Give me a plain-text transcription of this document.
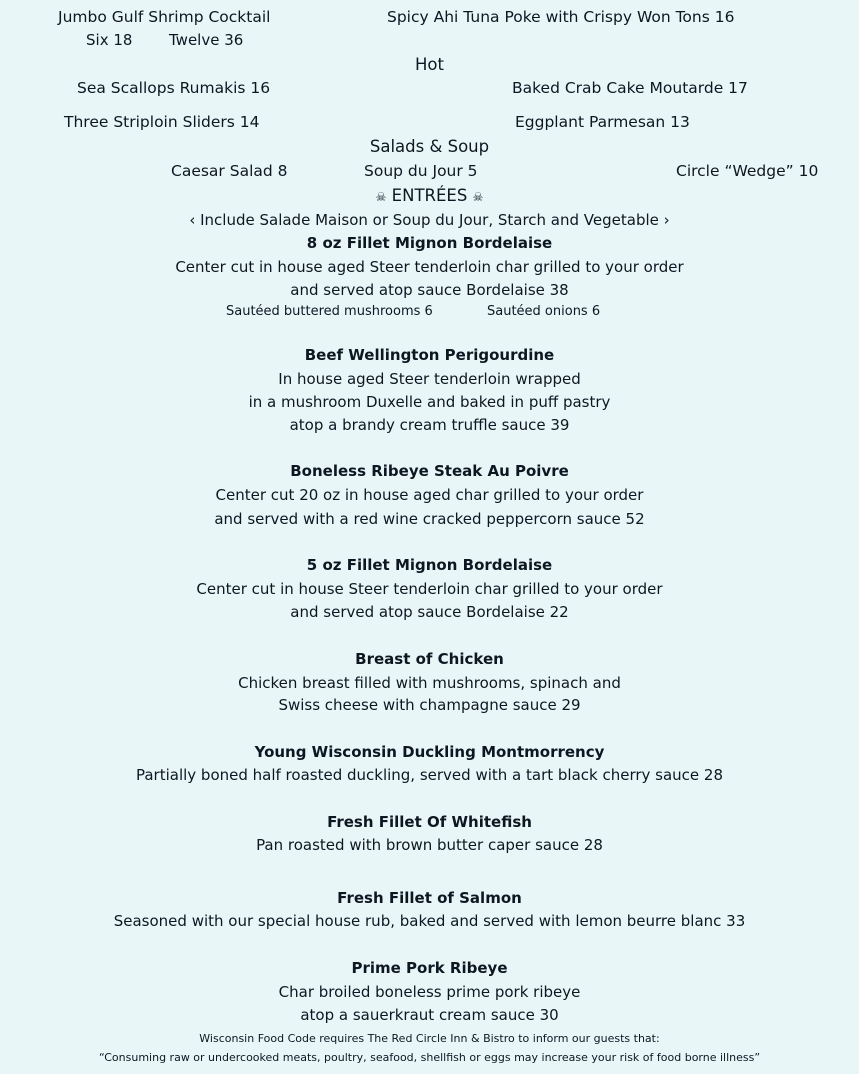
Jumbo Gulf Shrimp Cocktail
Six 18 Twelve 36
Spicy Ahi Tuna Poke with Crispy Won Tons 16
Hot
Sea Scallops Rumakis 16	Baked Crab Cake Moutarde 17
Three Striploin Sliders 14	Eggplant Parmesan 13
Salads & Soup
Caesar Salad 8	Soup du Jour 5	Circle “Wedge” 10
☠ ENTRÉES ☠
‹ Include Salade Maison or Soup du Jour, Starch and Vegetable ›
8 oz Fillet Mignon Bordelaise
Center cut in house aged Steer tenderloin char grilled to your order
and served atop sauce Bordelaise 38
Sautéed buttered mushrooms 6	Sautéed onions 6
Beef Wellington Perigourdine
In house aged Steer tenderloin wrapped
in a mushroom Duxelle and baked in puff pastry
atop a brandy cream truffle sauce 39
Boneless Ribeye Steak Au Poivre
Center cut 20 oz in house aged char grilled to your order
and served with a red wine cracked peppercorn sauce 52
5 oz Fillet Mignon Bordelaise
Center cut in house Steer tenderloin char grilled to your order
and served atop sauce Bordelaise 22
Breast of Chicken
Chicken breast filled with mushrooms, spinach and
Swiss cheese with champagne sauce 29
Young Wisconsin Duckling Montmorrency
Partially boned half roasted duckling, served with a tart black cherry sauce 28
Fresh Fillet Of Whitefish
Pan roasted with brown butter caper sauce 28
Fresh Fillet of Salmon
Seasoned with our special house rub, baked and served with lemon beurre blanc 33
Prime Pork Ribeye
Char broiled boneless prime pork ribeye
atop a sauerkraut cream sauce 30
Wisconsin Food Code requires The Red Circle Inn & Bistro to inform our guests that:
“Consuming raw or undercooked meats, poultry, seafood, shellfish or eggs may increase your risk of food borne illness”
